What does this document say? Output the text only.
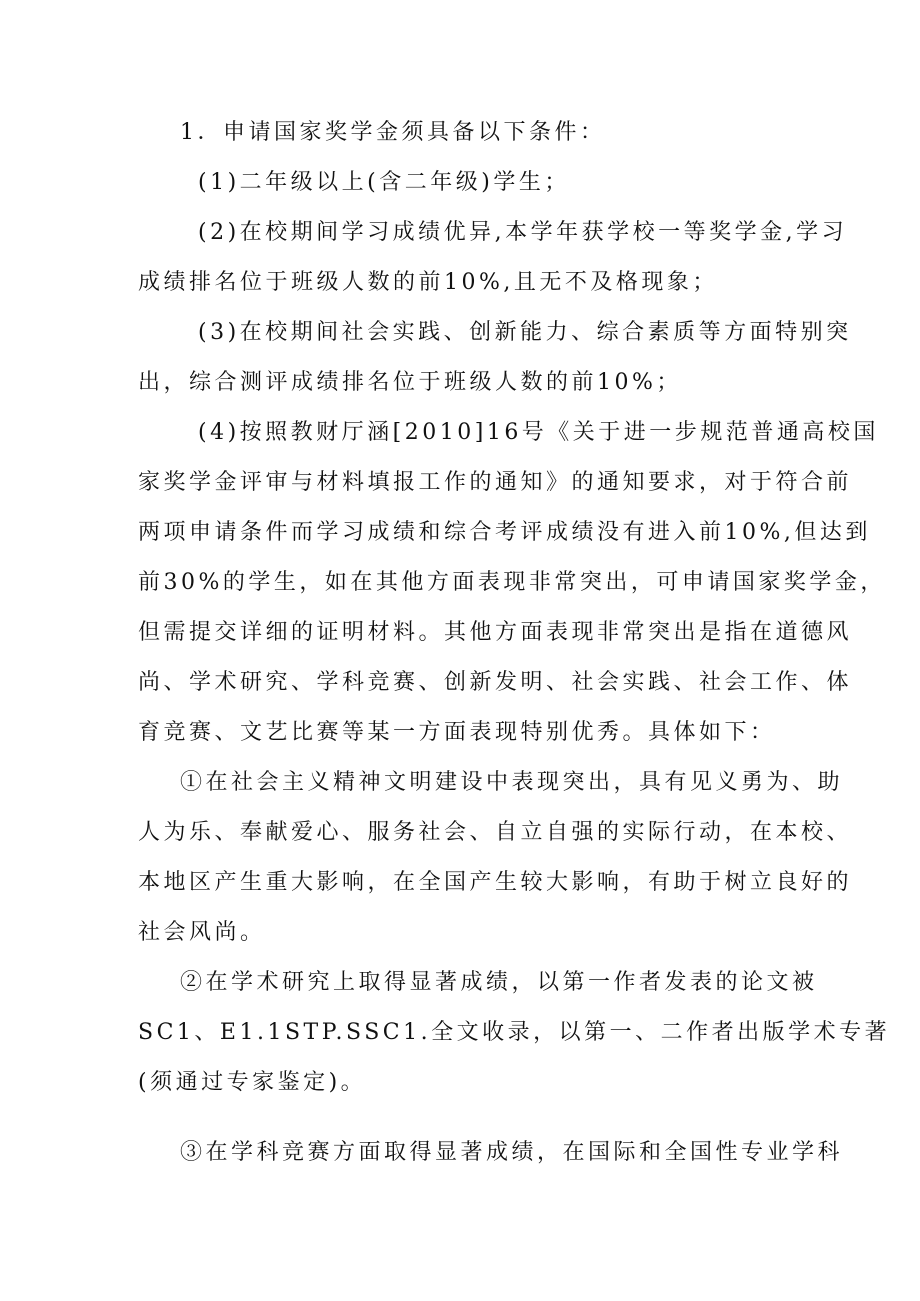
1．申请国家奖学金须具备以下条件：
(1)二年级以上(含二年级)学生；
(2)在校期间学习成绩优异,本学年获学校一等奖学金,学习
成绩排名位于班级人数的前10%,且无不及格现象；
(3)在校期间社会实践、创新能力、综合素质等方面特别突
出，综合测评成绩排名位于班级人数的前10%；
(4)按照教财厅涵[2010]16号《关于进一步规范普通高校国
家奖学金评审与材料填报工作的通知》的通知要求，对于符合前
两项申请条件而学习成绩和综合考评成绩没有进入前10%,但达到
前30%的学生，如在其他方面表现非常突出，可申请国家奖学金，
但需提交详细的证明材料。其他方面表现非常突出是指在道德风
尚、学术研究、学科竞赛、创新发明、社会实践、社会工作、体
育竞赛、文艺比赛等某一方面表现特别优秀。具体如下：
①在社会主义精神文明建设中表现突出，具有见义勇为、助
人为乐、奉献爱心、服务社会、自立自强的实际行动，在本校、
本地区产生重大影响，在全国产生较大影响，有助于树立良好的
社会风尚。
②在学术研究上取得显著成绩，以第一作者发表的论文被
SC1、E1.1STP.SSC1.全文收录，以第一、二作者出版学术专著
(须通过专家鉴定)。
③在学科竞赛方面取得显著成绩，在国际和全国性专业学科
